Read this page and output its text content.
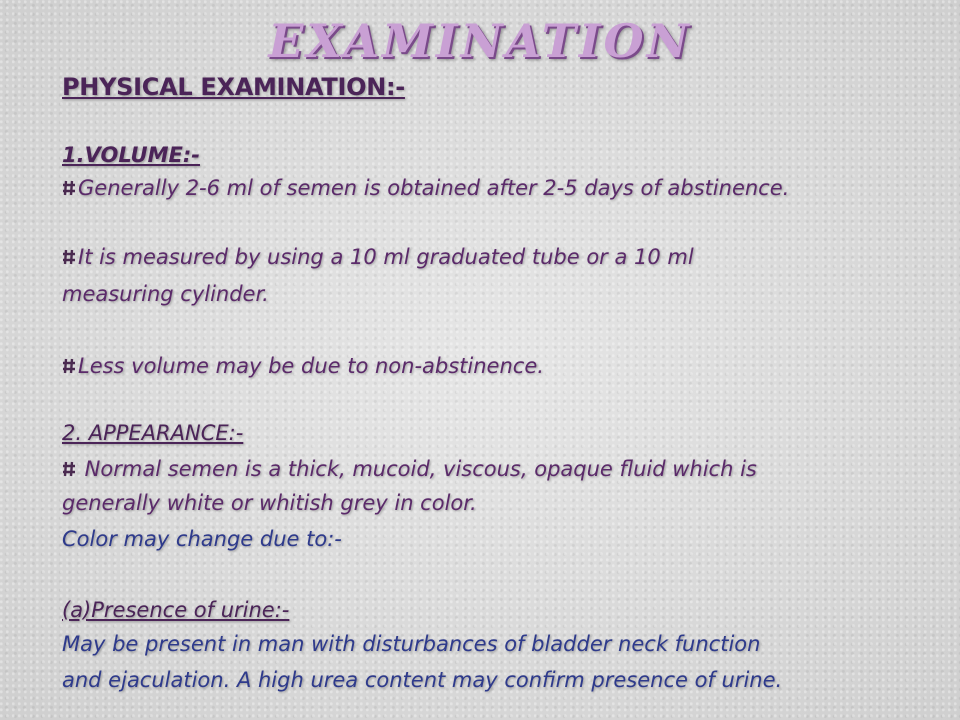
EXAMINATION
PHYSICAL EXAMINATION:-
1.VOLUME:-
Generally 2-6 ml of semen is obtained after 2-5 days of abstinence.
It is measured by using a 10 ml graduated tube or a 10 ml
measuring cylinder.
Less volume may be due to non-abstinence.
2. APPEARANCE:-
Normal semen is a thick, mucoid, viscous, opaque fluid which is
generally white or whitish grey in color.
Color may change due to:-
(a)Presence of urine:-
May be present in man with disturbances of bladder neck function
and ejaculation. A high urea content may confirm presence of urine.
